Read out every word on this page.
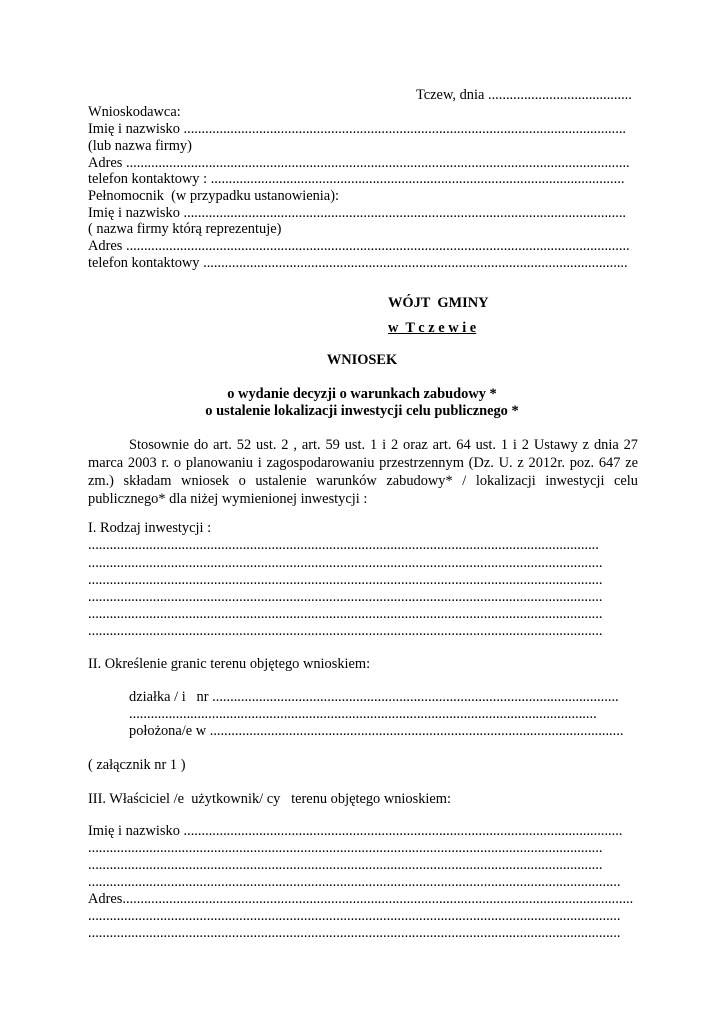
Tczew, dnia ........................................
Wnioskodawca:
Imię i nazwisko ...........................................................................................................................
(lub nazwa firmy)
Adres ............................................................................................................................................
telefon kontaktowy : ...................................................................................................................
Pełnomocnik  (w przypadku ustanowienia):
Imię i nazwisko ...........................................................................................................................
( nazwa firmy którą reprezentuje)
Adres ............................................................................................................................................
telefon kontaktowy ......................................................................................................................
WÓJT  GMINY
w  T c z e w i e
WNIOSEK
o wydanie decyzji o warunkach zabudowy *
o ustalenie lokalizacji inwestycji celu publicznego *

Stosownie do art. 52 ust. 2 , art. 59 ust. 1 i 2 oraz art. 64 ust. 1 i 2 Ustawy z dnia 27 marca 2003 r. o planowaniu i zagospodarowaniu przestrzennym (Dz. U. z 2012r. poz. 647 ze zm.) składam wniosek o ustalenie warunków zabudowy* / lokalizacji inwestycji celu publicznego* dla niżej wymienionej inwestycji :

I. Rodzaj inwestycji :
..............................................................................................................................................
...............................................................................................................................................
...............................................................................................................................................
...............................................................................................................................................
...............................................................................................................................................
...............................................................................................................................................
II. Określenie granic terenu objętego wnioskiem:
działka / i   nr .................................................................................................................
..................................................................................................................................
położona/e w ...................................................................................................................
( załącznik nr 1 )
III. Właściciel /e  użytkownik/ cy   terenu objętego wnioskiem:
Imię i nazwisko ..........................................................................................................................
...............................................................................................................................................
...............................................................................................................................................
....................................................................................................................................................
Adres..............................................................................................................................................
....................................................................................................................................................
....................................................................................................................................................
